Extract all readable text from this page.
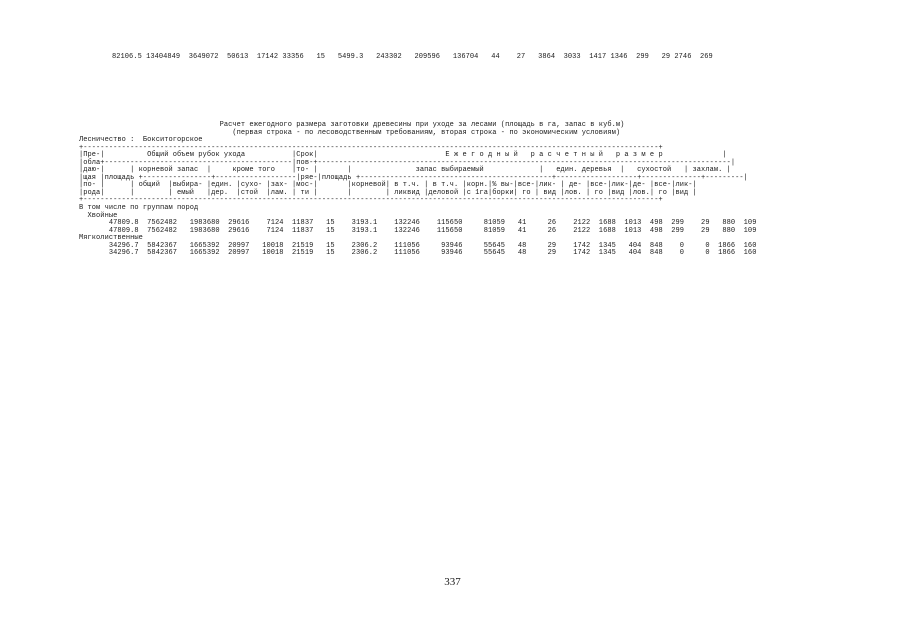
82106.5 13404849  3649072  50613  17142 33356   15   5499.3   243302   209596   136704   44    27   3864  3033  1417 1346  299   29 2746  269
Расчет ежегодного размера заготовки древесины при уходе за лесами (площадь в га, запас в куб.м)
(первая строка - по лесоводственным требованиям, вторая строка - по экономическим условиям)
Лесничество :  Бокситогорское
+---------------------------------------------------------------------------------------------------------------------------------------+
|Пре-|          Общий объем рубок ухода           |Срок|                              Е ж е г о д н ы й   р а с ч е т н ы й   р а з м е р              |
|обла+--------------------------------------------|пов-+-------------------------------------------------------------------------------------------------|
|даю-|      | корневой запас  |     кроме того    |то- |       |               запас выбираемый             |   един. деревья  |   сухостой   | захлам. |
|щая |площадь +----------------+-------------------|ряе-|площадь +---------------------------------------------+-------------------+--------------+---------|
|по- |      | общий  |выбира- |един. |сухо- |зах- |мос-|       |корневой| в т.ч. | в т.ч. |корн.|% вы-|все-|лик- | де- |все-|лик-|де- |все-|лик-|
|рода|      |        | емый   |дер.  |стой  |лам. | ти |       |        | ликвид |деловой |с 1га|борки| го | вид |лов. | го |вид |лов.| го |вид |
+---------------------------------------------------------------------------------------------------------------------------------------+
В том числе по группам пород
Хвойные
47809.8  7562482   1983680  29616    7124  11837   15    3193.1    132246    115650     81059   41     26    2122  1688  1013  498  299    29   880  109
47809.8  7562482   1983680  29616    7124  11837   15    3193.1    132246    115650     81059   41     26    2122  1688  1013  498  299    29   880  109
Мягколиственные
34296.7  5842367   1665392  20997   10018  21519   15    2306.2    111056     93946     55645   48     29    1742  1345   404  848    0     0  1866  160
34296.7  5842367   1665392  20997   10018  21519   15    2306.2    111056     93946     55645   48     29    1742  1345   404  848    0     0  1866  160
337
